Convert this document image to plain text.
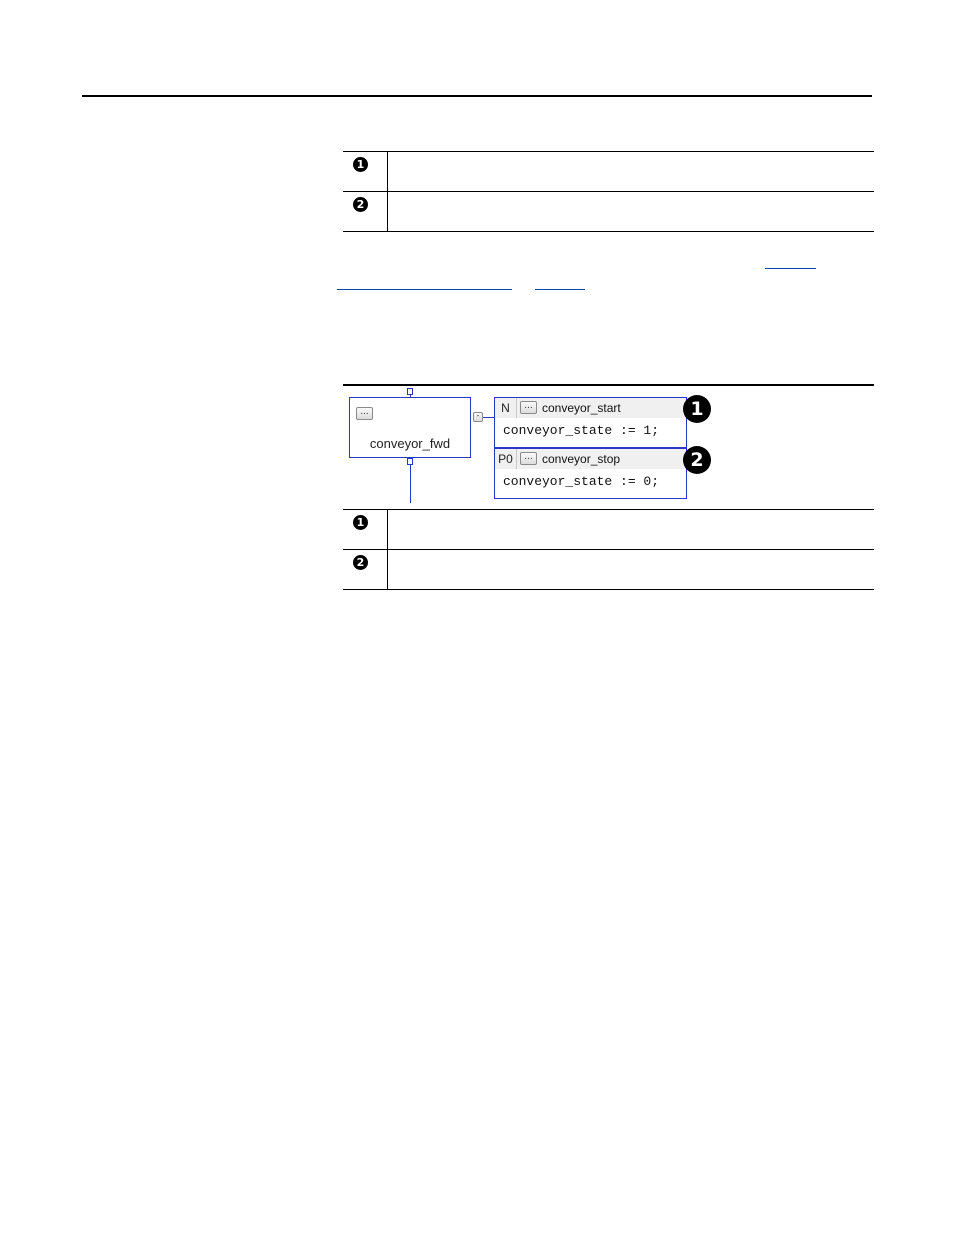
1	

2	

...
conveyor_fwd
-
N	... conveyor_start
conveyor_state := 1;
P0	... conveyor_stop
conveyor_state := 0;
1
2
1	

2	
